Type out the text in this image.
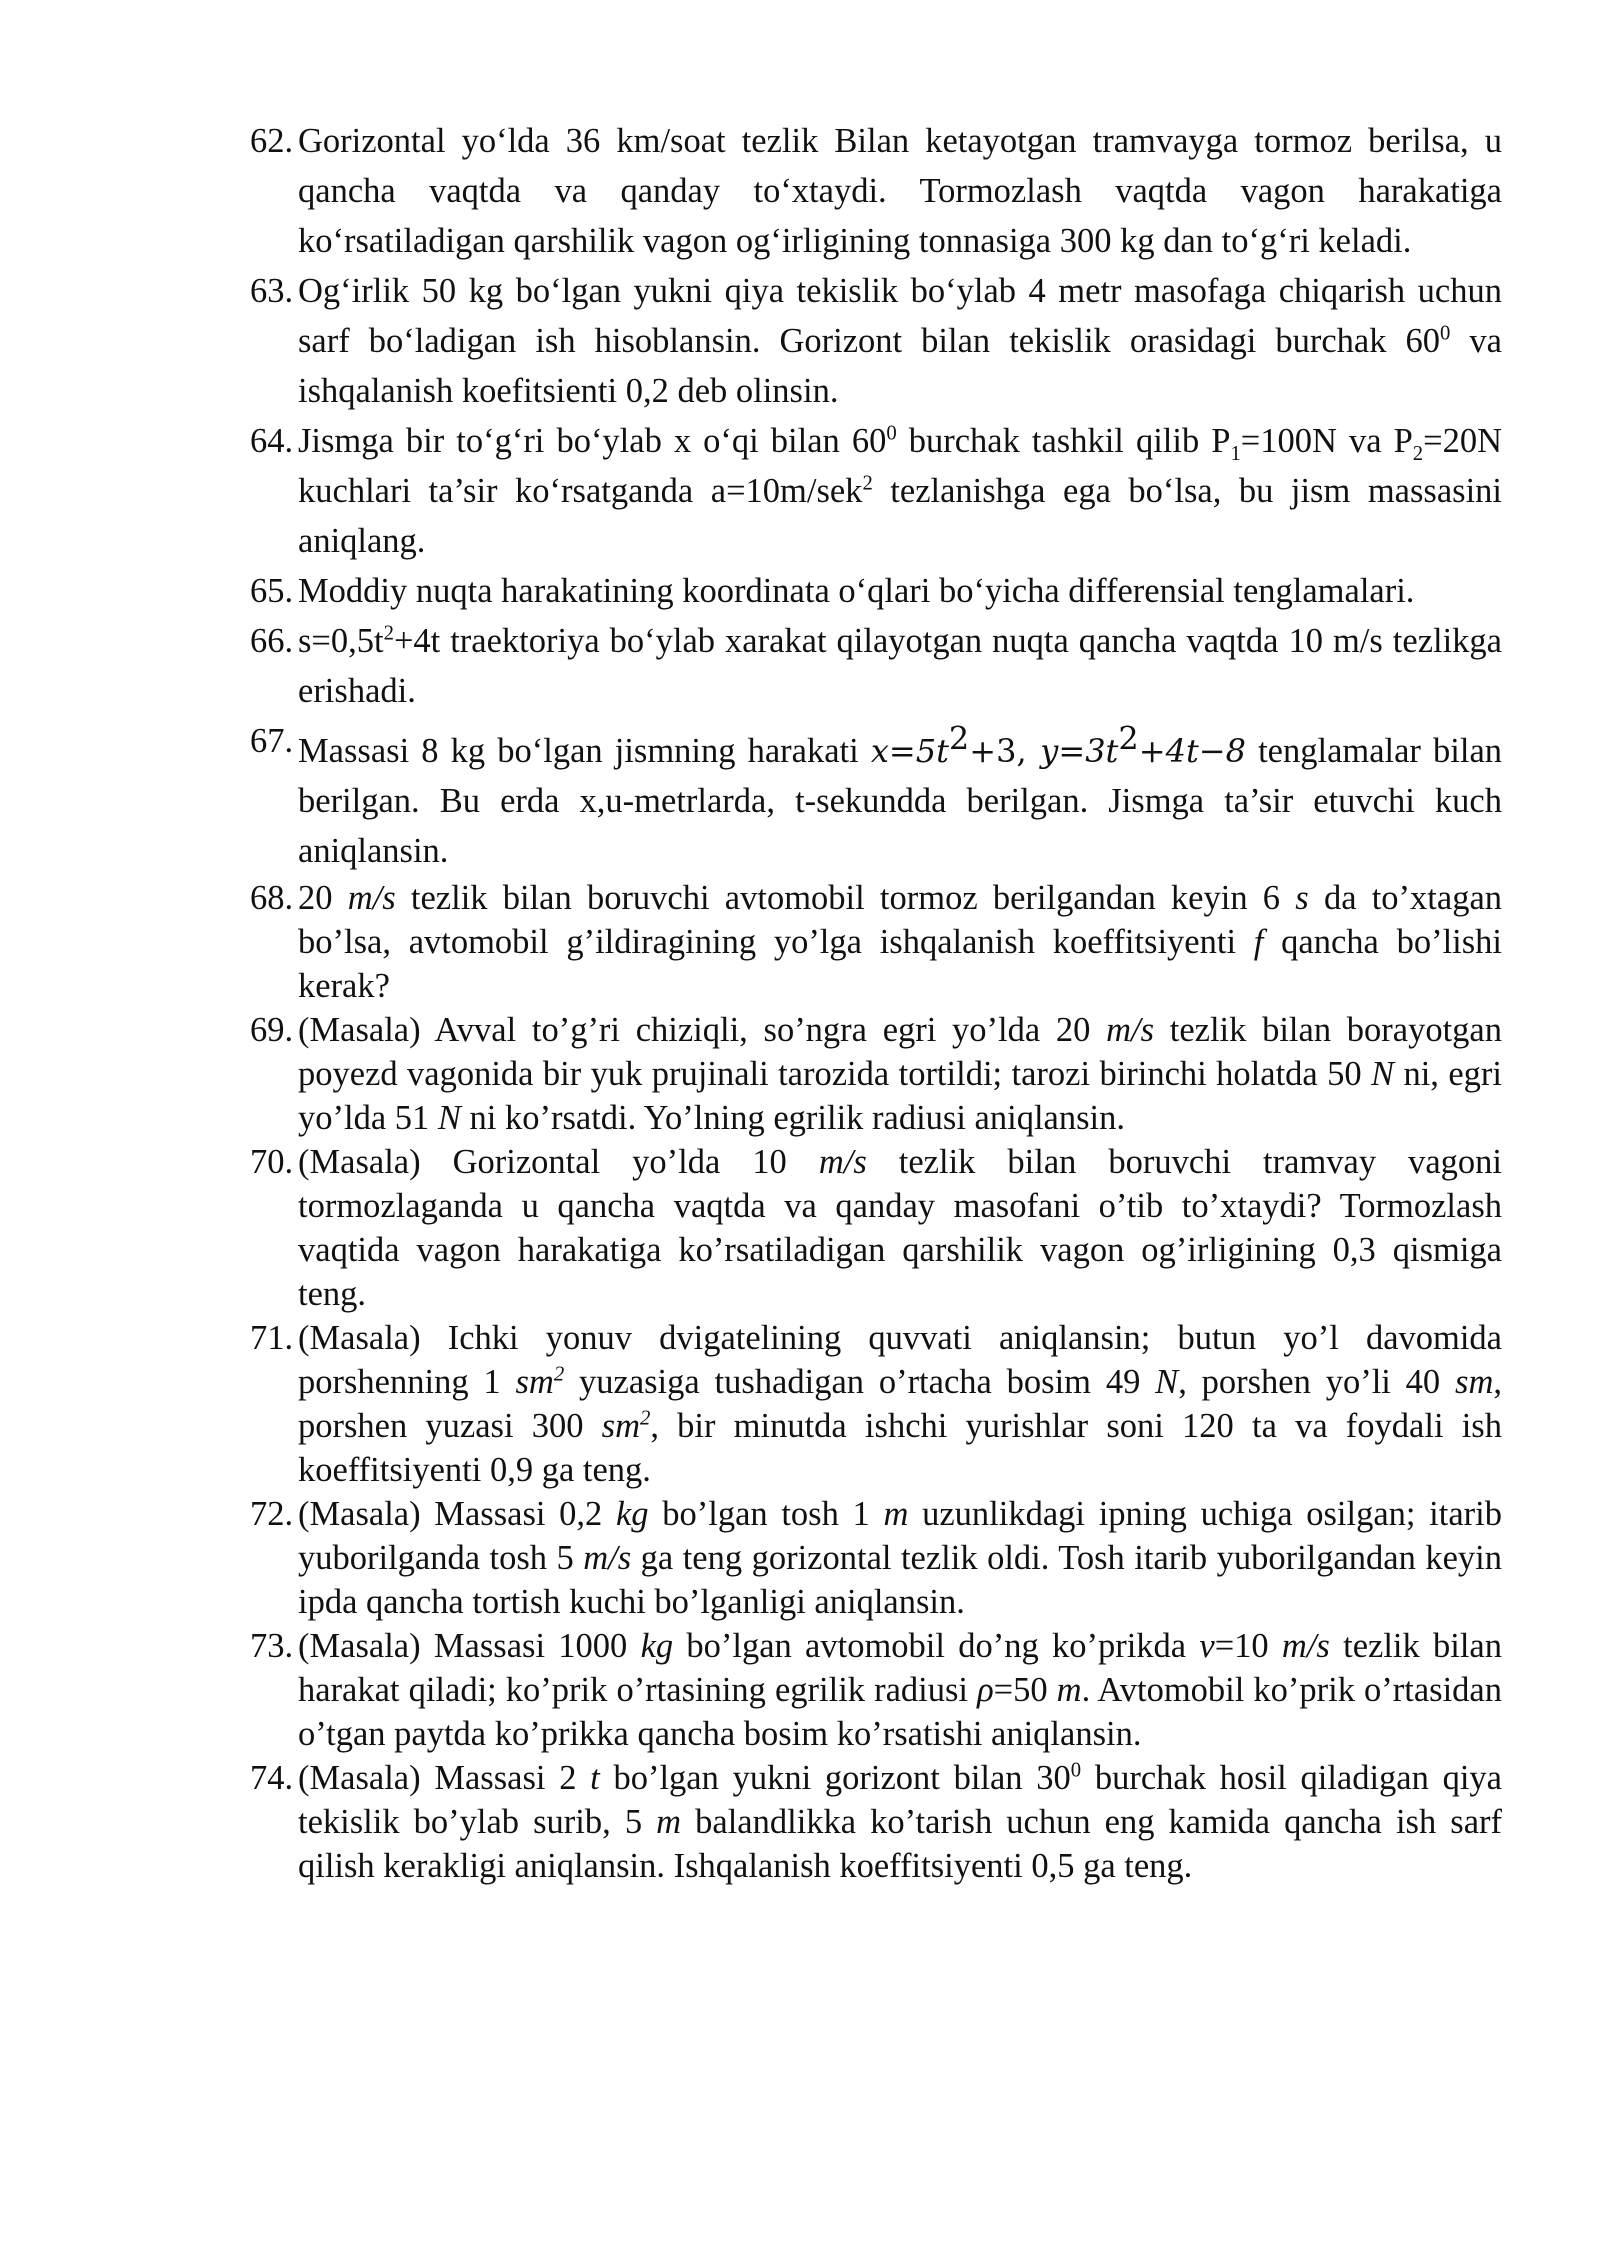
62. Gorizontal yo‘lda 36 km/soat tezlik Bilan ketayotgan tramvayga tormoz berilsa, u qancha vaqtda va qanday to‘xtaydi. Tormozlash vaqtda vagon harakatiga ko‘rsatiladigan qarshilik vagon og‘irligining tonnasiga 300 kg dan to‘g‘ri keladi.
63. Og‘irlik 50 kg bo‘lgan yukni qiya tekislik bo‘ylab 4 metr masofaga chiqarish uchun sarf bo‘ladigan ish hisoblansin. Gorizont bilan tekislik orasidagi burchak $60^0$ va ishqalanish koefitsienti 0,2 deb olinsin.
64. Jismga bir to‘g‘ri bo‘ylab x o‘qi bilan $60^0$ burchak tashkil qilib $P_1=100N$ va $P_2=20N$ kuchlari ta’sir ko‘rsatganda a=10m/sek$^2$ tezlanishga ega bo‘lsa, bu jism massasini aniqlang.
65. Moddiy nuqta harakatining koordinata o‘qlari bo‘yicha differensial tenglamalari.
66. $s=0,5t^2+4t$ traektoriya bo‘ylab xarakat qilayotgan nuqta qancha vaqtda 10 m/s tezlikga erishadi.
67. Massasi 8 kg bo‘lgan jismning harakati $x=5t^2+3$, $y=3t^2+4t-8$ tenglamalar bilan berilgan. Bu erda x,u-metrlarda, t-sekundda berilgan. Jismga ta’sir etuvchi kuch aniqlansin.
68. 20 m/s tezlik bilan boruvchi avtomobil tormoz berilgandan keyin 6 s da to’xtagan bo’lsa, avtomobil g’ildiragining yo’lga ishqalanish koeffitsiyenti f qancha bo’lishi kerak?
69. (Masala) Avval to’g’ri chiziqli, so’ngra egri yo’lda 20 m/s tezlik bilan borayotgan poyezd vagonida bir yuk prujinali tarozida tortildi; tarozi birinchi holatda 50 N ni, egri yo’lda 51 N ni ko’rsatdi. Yo’lning egrilik radiusi aniqlansin.
70. (Masala) Gorizontal yo’lda 10 m/s tezlik bilan boruvchi tramvay vagoni tormozlaganda u qancha vaqtda va qanday masofani o’tib to’xtaydi? Tormozlash vaqtida vagon harakatiga ko’rsatiladigan qarshilik vagon og’irligining 0,3 qismiga teng.
71. (Masala) Ichki yonuv dvigatelining quvvati aniqlansin; butun yo’l davomida porshenning 1 $sm^2$ yuzasiga tushadigan o’rtacha bosim 49 N, porshen yo’li 40 sm, porshen yuzasi 300 $sm^2$, bir minutda ishchi yurishlar soni 120 ta va foydali ish koeffitsiyenti 0,9 ga teng.
72. (Masala) Massasi 0,2 kg bo’lgan tosh 1 m uzunlikdagi ipning uchiga osilgan; itarib yuborilganda tosh 5 m/s ga teng gorizontal tezlik oldi. Tosh itarib yuborilgandan keyin ipda qancha tortish kuchi bo’lganligi aniqlansin.
73. (Masala) Massasi 1000 kg bo’lgan avtomobil do’ng ko’prikda v=10 m/s tezlik bilan harakat qiladi; ko’prik o’rtasining egrilik radiusi ρ=50 m. Avtomobil ko’prik o’rtasidan o’tgan paytda ko’prikka qancha bosim ko’rsatishi aniqlansin.
74. (Masala) Massasi 2 t bo’lgan yukni gorizont bilan $30^0$ burchak hosil qiladigan qiya tekislik bo’ylab surib, 5 m balandlikka ko’tarish uchun eng kamida qancha ish sarf qilish kerakligi aniqlansin. Ishqalanish koeffitsiyenti 0,5 ga teng.
